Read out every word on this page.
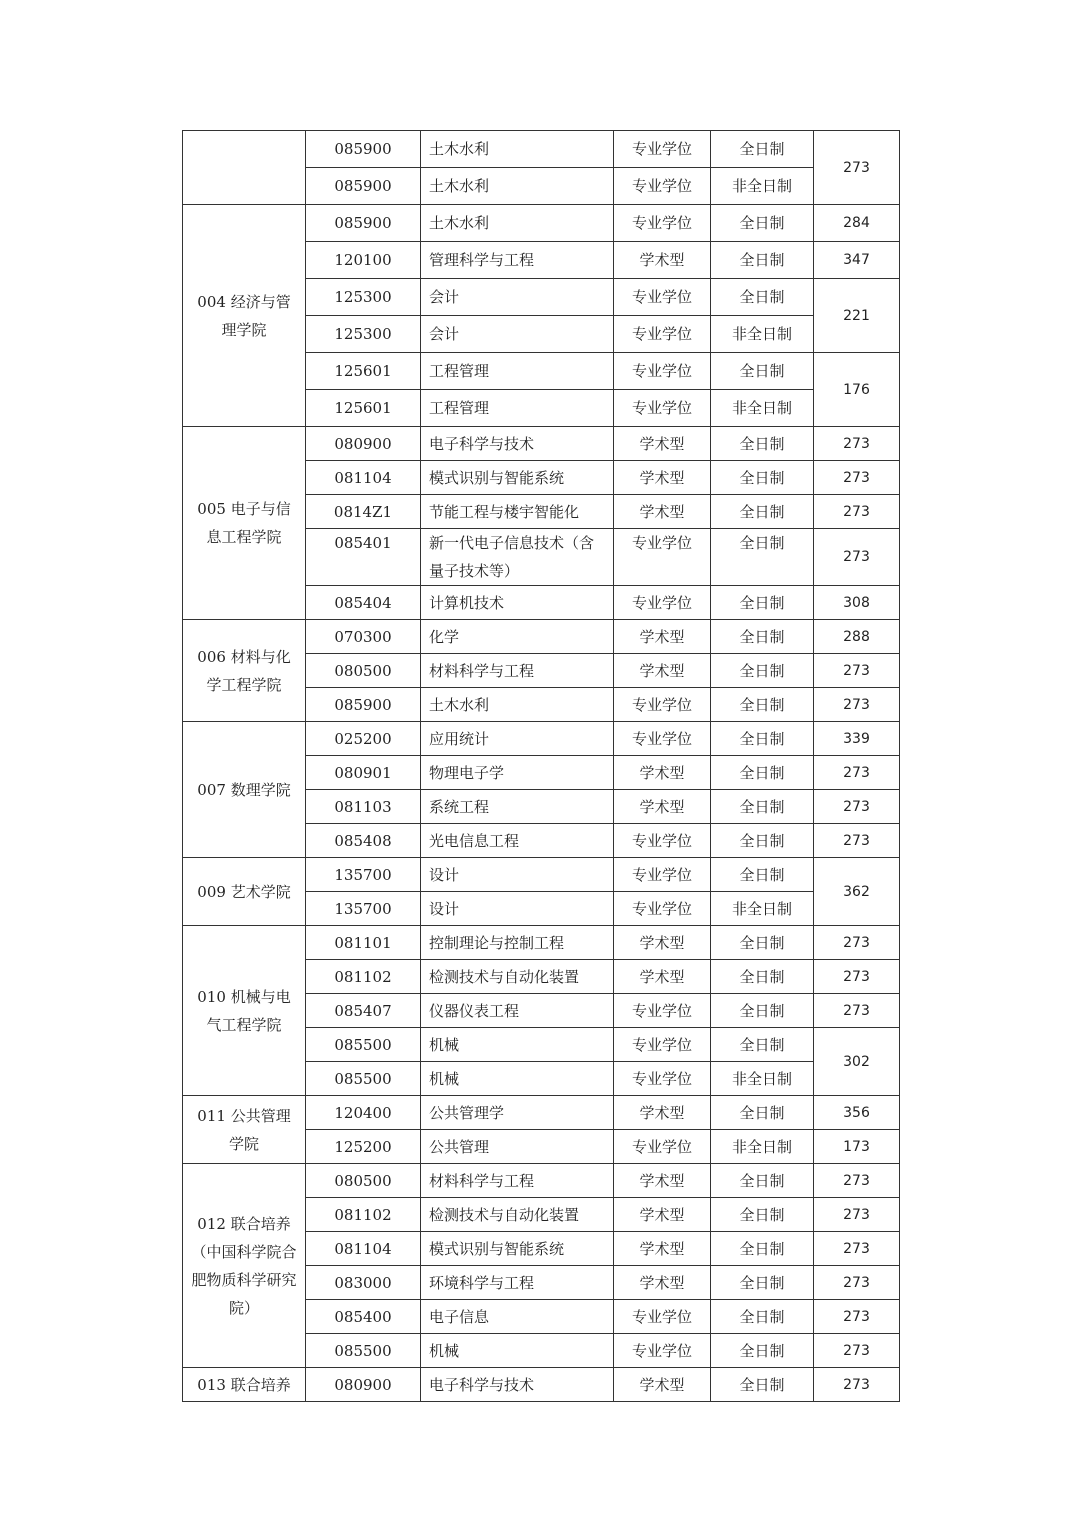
	085900	土木水利	专业学位	全日制	273
	085900	土木水利	专业学位	非全日制	
004 经济与管理学院	085900	土木水利	专业学位	全日制	284
	120100	管理科学与工程	学术型	全日制	347
	125300	会计	专业学位	全日制	221
	125300	会计	专业学位	非全日制	
	125601	工程管理	专业学位	全日制	176
	125601	工程管理	专业学位	非全日制	
005 电子与信息工程学院	080900	电子科学与技术	学术型	全日制	273
	081104	模式识别与智能系统	学术型	全日制	273
	0814Z1	节能工程与楼宇智能化	学术型	全日制	273
	085401	新一代电子信息技术（含量子技术等）	专业学位	全日制	273
	085404	计算机技术	专业学位	全日制	308
006 材料与化学工程学院	070300	化学	学术型	全日制	288
	080500	材料科学与工程	学术型	全日制	273
	085900	土木水利	专业学位	全日制	273
007 数理学院	025200	应用统计	专业学位	全日制	339
	080901	物理电子学	学术型	全日制	273
	081103	系统工程	学术型	全日制	273
	085408	光电信息工程	专业学位	全日制	273
009 艺术学院	135700	设计	专业学位	全日制	362
	135700	设计	专业学位	非全日制	
010 机械与电气工程学院	081101	控制理论与控制工程	学术型	全日制	273
	081102	检测技术与自动化装置	学术型	全日制	273
	085407	仪器仪表工程	专业学位	全日制	273
	085500	机械	专业学位	全日制	302
	085500	机械	专业学位	非全日制	
011 公共管理学院	120400	公共管理学	学术型	全日制	356
	125200	公共管理	专业学位	非全日制	173
012 联合培养（中国科学院合肥物质科学研究院）	080500	材料科学与工程	学术型	全日制	273
	081102	检测技术与自动化装置	学术型	全日制	273
	081104	模式识别与智能系统	学术型	全日制	273
	083000	环境科学与工程	学术型	全日制	273
	085400	电子信息	专业学位	全日制	273
	085500	机械	专业学位	全日制	273
013 联合培养	080900	电子科学与技术	学术型	全日制	273
